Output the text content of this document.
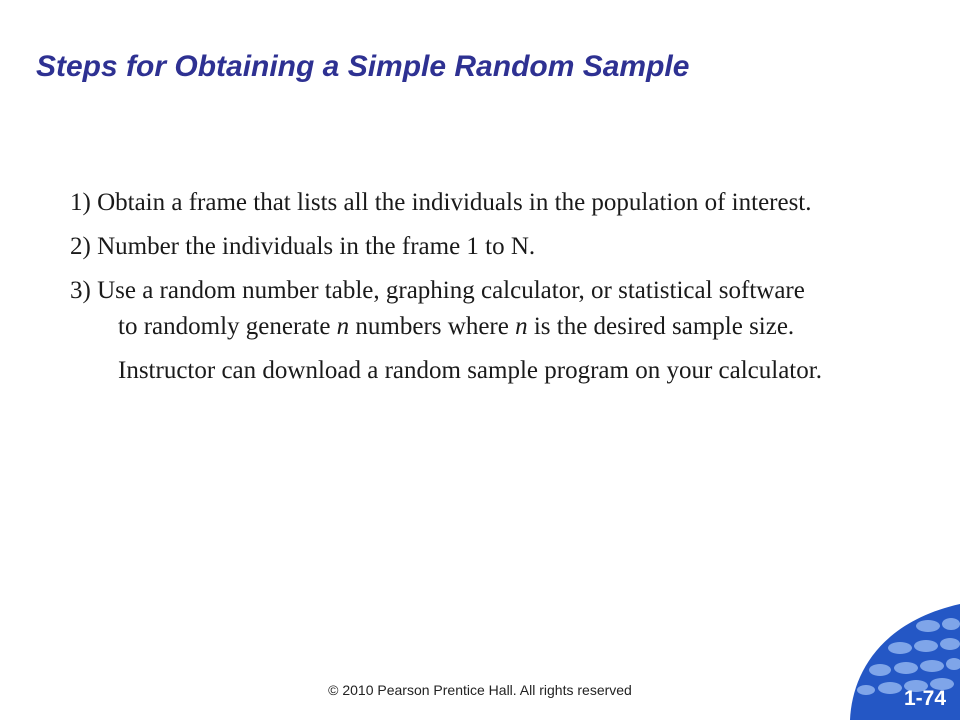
Steps for Obtaining a Simple Random Sample
1) Obtain a frame that lists all the individuals in the population of interest.
2) Number the individuals in the frame 1 to N.
3) Use a random number table, graphing calculator, or statistical software to randomly generate n numbers where n is the desired sample size.
Instructor can download a random sample program on your calculator.
© 2010 Pearson Prentice Hall. All rights reserved	1-74
